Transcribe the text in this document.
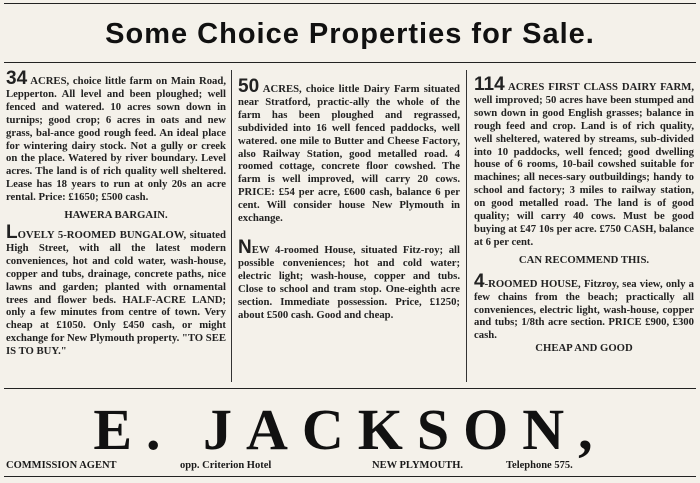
Some Choice Properties for Sale.

34 ACRES, choice little farm on Main Road, Lepperton. All level and been ploughed; well fenced and watered. 10 acres sown down in turnips; good crop; 6 acres in oats and new grass, bal-ance good rough feed. An ideal place for wintering dairy stock. Not a gully or creek on the place. Watered by river boundary. Level acres. The land is of rich quality well sheltered. Lease has 18 years to run at only 20s an acre rental. Price: £1650; £500 cash.

HAWERA BARGAIN.

LOVELY 5-ROOMED BUNGALOW, situated High Street, with all the latest modern conveniences, hot and cold water, wash-house, copper and tubs, drainage, concrete paths, nice lawns and garden; planted with ornamental trees and flower beds. HALF-ACRE LAND; only a few minutes from centre of town. Very cheap at £1050. Only £450 cash, or might exchange for New Plymouth property. "TO SEE IS TO BUY."

50 ACRES, choice little Dairy Farm situated near Stratford, practic-ally the whole of the farm has been ploughed and regrassed, subdivided into 16 well fenced paddocks, well watered. one mile to Butter and Cheese Factory, also Railway Station, good metalled road. 4 roomed cottage, concrete floor cowshed. The farm is well improved, will carry 20 cows. PRICE: £54 per acre, £600 cash, balance 6 per cent. Will consider house New Plymouth in exchange.

NEW 4-roomed House, situated Fitz-roy; all possible conveniences; hot and cold water; electric light; wash-house, copper and tubs. Close to school and tram stop. One-eighth acre section. Immediate possession. Price, £1250; about £500 cash. Good and cheap.

114 ACRES FIRST CLASS DAIRY FARM, well improved; 50 acres have been stumped and sown down in good English grasses; balance in rough feed and crop. Land is of rich quality, well sheltered, watered by streams, sub-divided into 10 paddocks, well fenced; good dwelling house of 6 rooms, 10-bail cowshed suitable for machines; all neces-sary outbuildings; handy to school and factory; 3 miles to railway station, on good metalled road. The land is of good quality; will carry 40 cows. Must be good buying at £47 10s per acre. £750 CASH, balance at 6 per cent.

CAN RECOMMEND THIS.

4-ROOMED HOUSE, Fitzroy, sea view, only a few chains from the beach; practically all conveniences, electric light, wash-house, copper and tubs; 1/8th acre section. PRICE £900, £300 cash.

CHEAP AND GOOD
E. JACKSON,
COMMISSION AGENT	opp. Criterion Hotel	NEW PLYMOUTH.	Telephone 575.
